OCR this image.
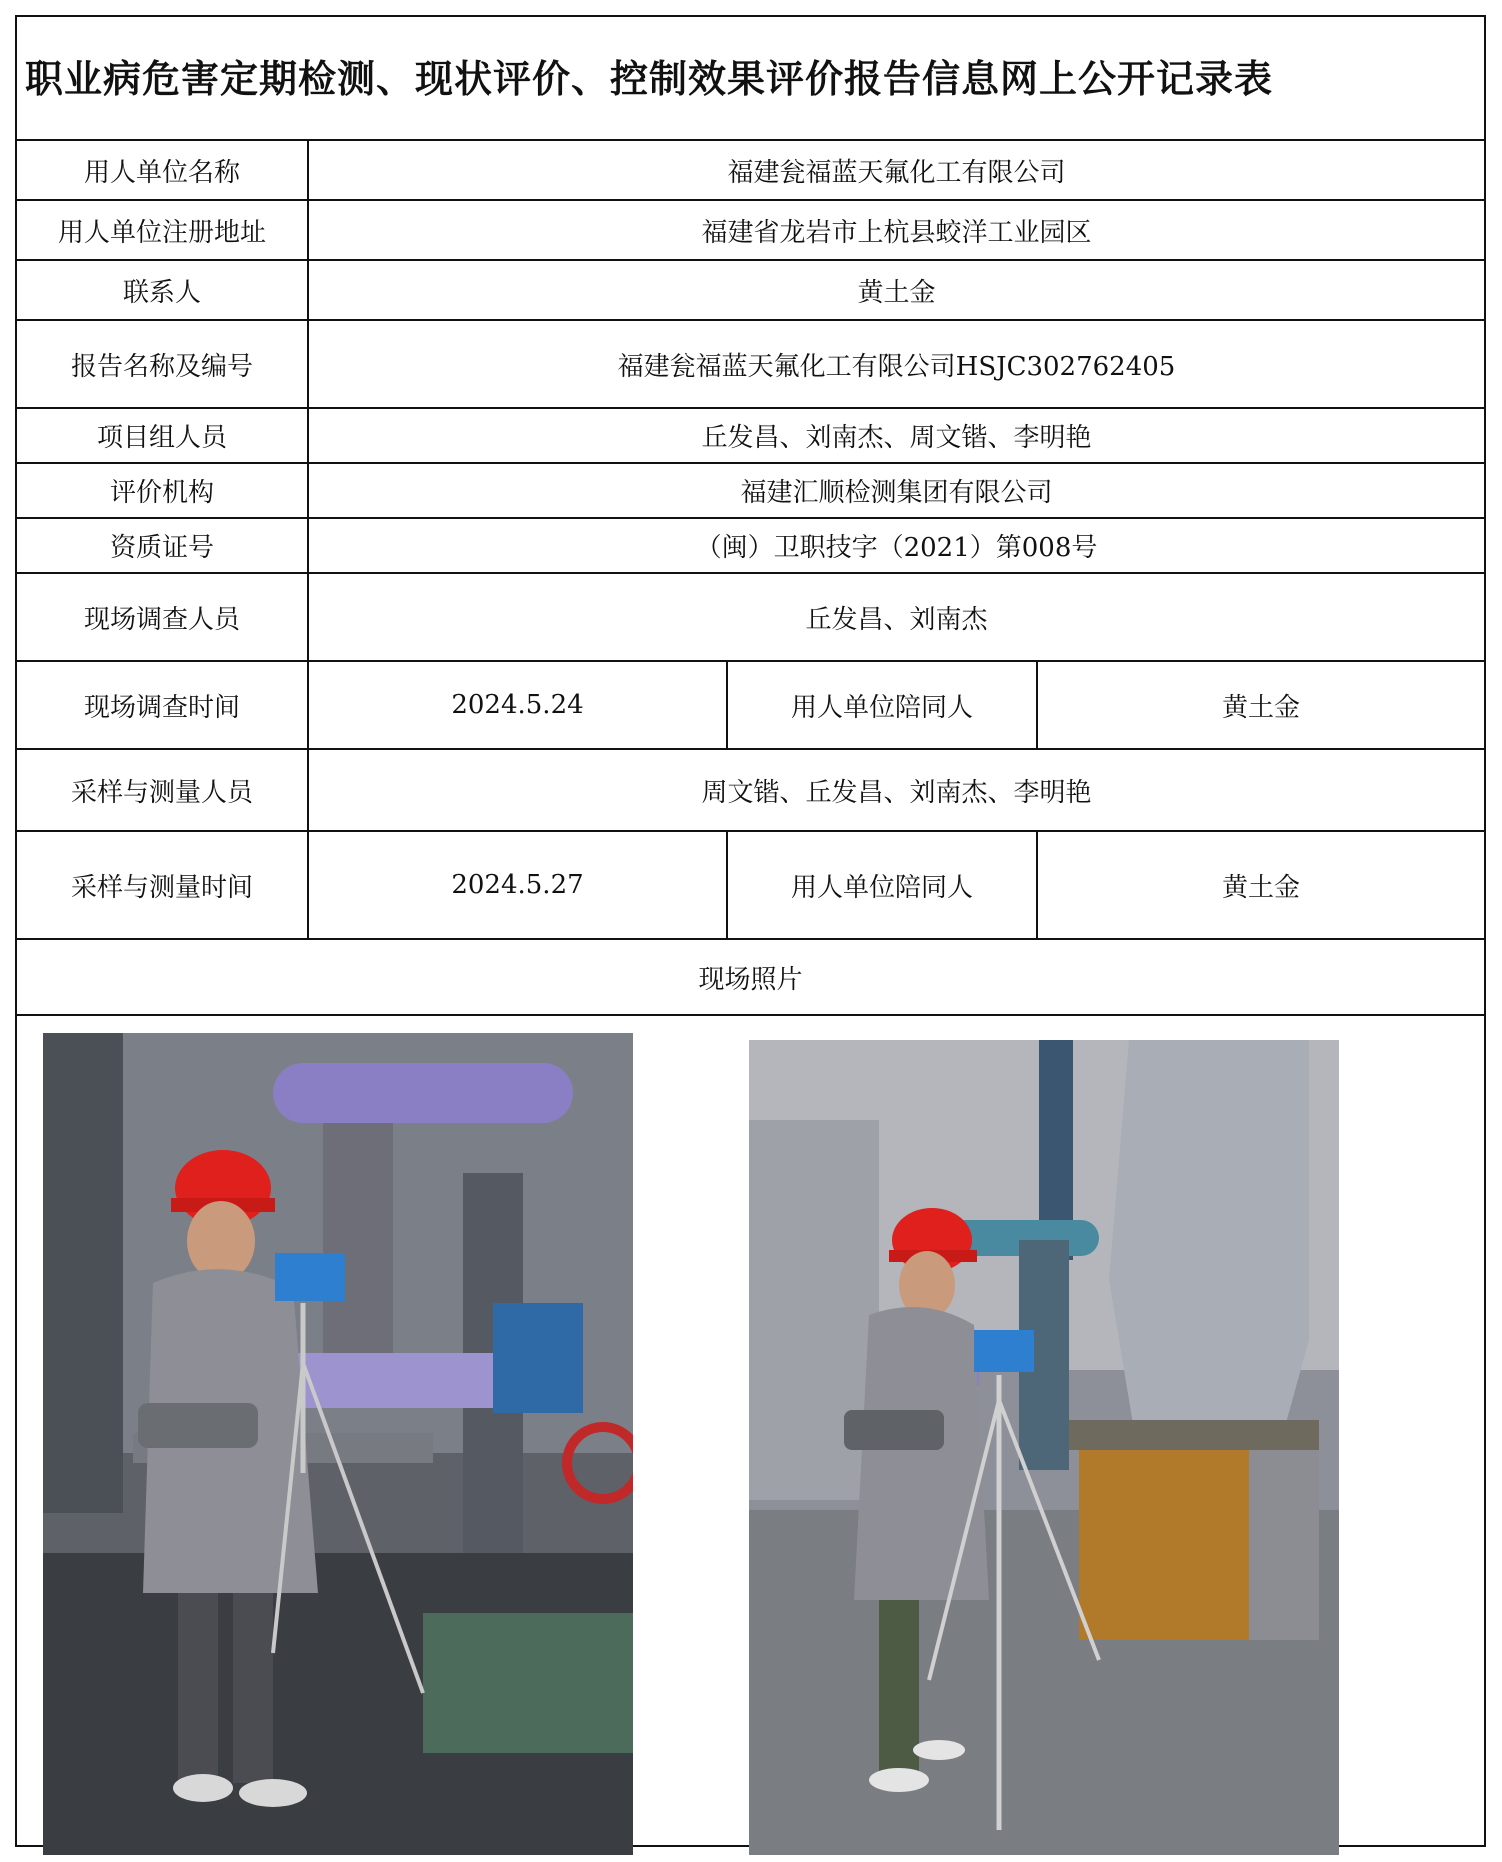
职业病危害定期检测、现状评价、控制效果评价报告信息网上公开记录表
用人单位名称	福建瓮福蓝天氟化工有限公司
用人单位注册地址	福建省龙岩市上杭县蛟洋工业园区
联系人	黄土金
报告名称及编号	福建瓮福蓝天氟化工有限公司HSJC302762405
项目组人员	丘发昌、刘南杰、周文锴、李明艳
评价机构	福建汇顺检测集团有限公司
资质证号	（闽）卫职技字（2021）第008号
现场调查人员	丘发昌、刘南杰
现场调查时间	2024.5.24	用人单位陪同人	黄土金
采样与测量人员	周文锴、丘发昌、刘南杰、李明艳
采样与测量时间	2024.5.27	用人单位陪同人	黄土金
现场照片
